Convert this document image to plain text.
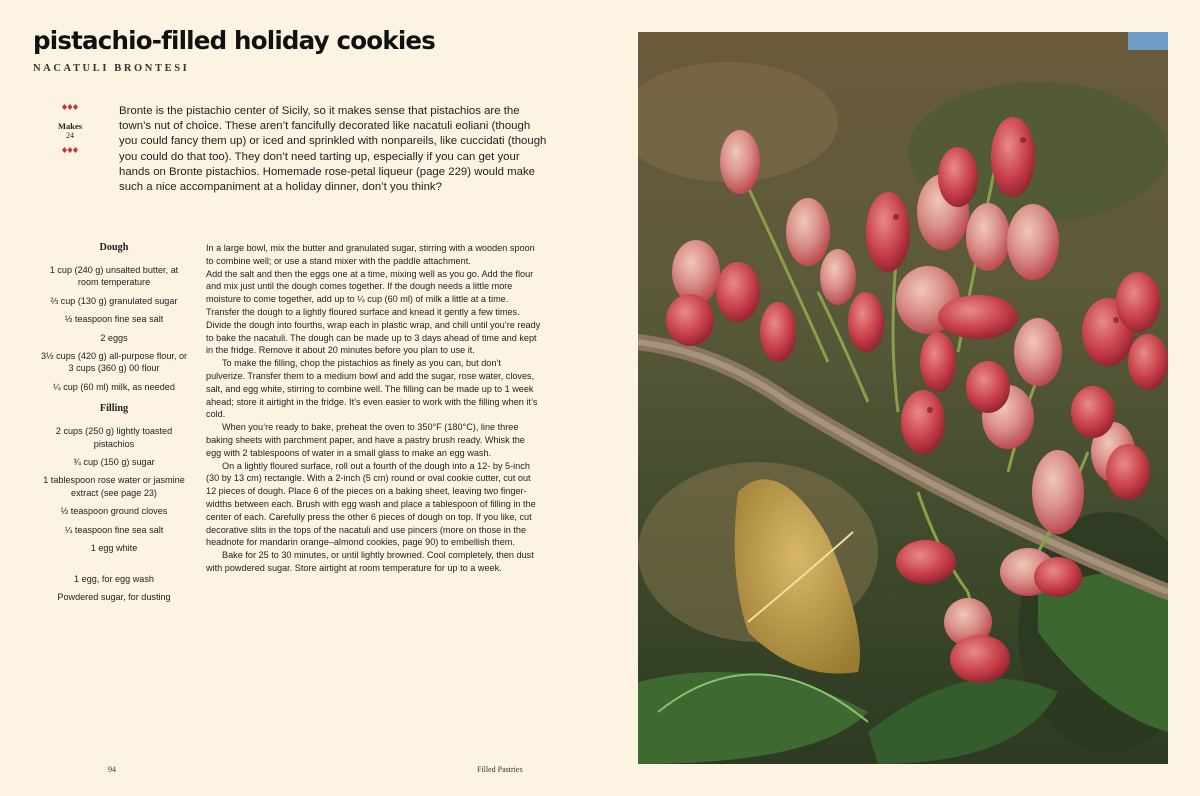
pistachio-filled holiday cookies
NACATULI BRONTESI
Makes
24

Bronte is the pistachio center of Sicily, so it makes sense that pistachios are the town’s nut of choice. These aren’t fancifully decorated like nacatuli eoliani (though you could fancy them up) or iced and sprinkled with nonpareils, like cuccidati (though you could do that too). They don’t need tarting up, especially if you can get your hands on Bronte pistachios. Homemade rose-petal liqueur (page 229) would make such a nice accompaniment at a holiday dinner, don’t you think?

Dough
1 cup (240 g) unsalted butter, at room temperature
⅔ cup (130 g) granulated sugar
½ teaspoon fine sea salt
2 eggs
3½ cups (420 g) all-purpose flour, or 3 cups (360 g) 00 flour
¼ cup (60 ml) milk, as needed
Filling
2 cups (250 g) lightly toasted pistachios
¾ cup (150 g) sugar
1 tablespoon rose water or jasmine extract (see page 23)
½ teaspoon ground cloves
¼ teaspoon fine sea salt
1 egg white
1 egg, for egg wash
Powdered sugar, for dusting

In a large bowl, mix the butter and granulated sugar, stirring with a wooden spoon to combine well; or use a stand mixer with the paddle attachment.

Add the salt and then the eggs one at a time, mixing well as you go. Add the flour and mix just until the dough comes together. If the dough needs a little more moisture to come together, add up to ¼ cup (60 ml) of milk a little at a time. Transfer the dough to a lightly floured surface and knead it gently a few times. Divide the dough into fourths, wrap each in plastic wrap, and chill until you’re ready to bake the nacatuli. The dough can be made up to 3 days ahead of time and kept in the fridge. Remove it about 20 minutes before you plan to use it.

To make the filling, chop the pistachios as finely as you can, but don’t pulverize. Transfer them to a medium bowl and add the sugar, rose water, cloves, salt, and egg white, stirring to combine well. The filling can be made up to 1 week ahead; store it airtight in the fridge. It’s even easier to work with the filling when it’s cold.

When you’re ready to bake, preheat the oven to 350°F (180°C), line three baking sheets with parchment paper, and have a pastry brush ready. Whisk the egg with 2 tablespoons of water in a small glass to make an egg wash.

On a lightly floured surface, roll out a fourth of the dough into a 12- by 5-inch (30 by 13 cm) rectangle. With a 2-inch (5 cm) round or oval cookie cutter, cut out 12 pieces of dough. Place 6 of the pieces on a baking sheet, leaving two finger-widths between each. Brush with egg wash and place a tablespoon of filling in the center of each. Carefully press the other 6 pieces of dough on top. If you like, cut decorative slits in the tops of the nacatuli and use pincers (more on those in the headnote for mandarin orange–almond cookies, page 90) to embellish them.

Bake for 25 to 30 minutes, or until lightly browned. Cool completely, then dust with powdered sugar. Store airtight at room temperature for up to a week.

94	Filled Pastries
